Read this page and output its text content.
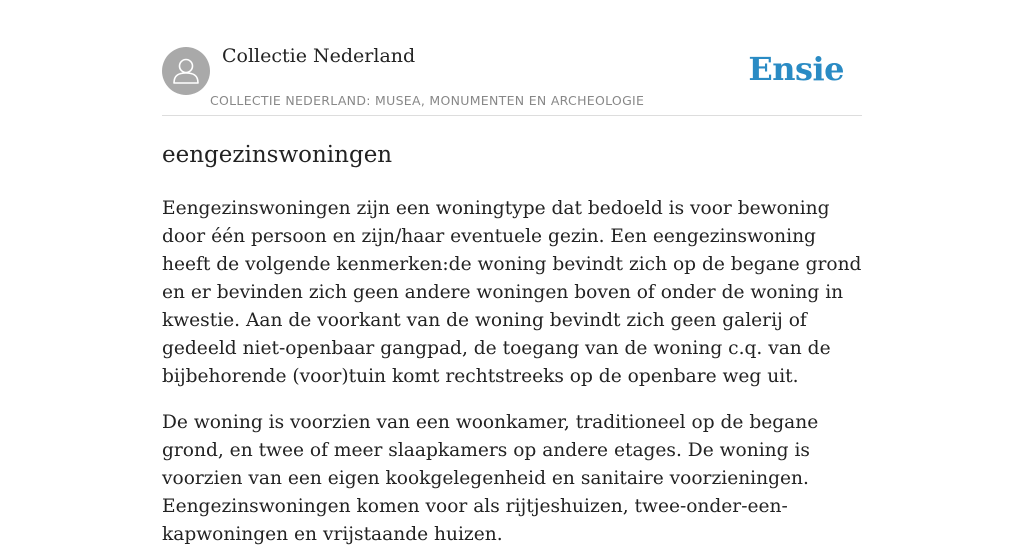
Collectie Nederland
COLLECTIE NEDERLAND: MUSEA, MONUMENTEN EN ARCHEOLOGIE
Ensie
eengezinswoningen

Eengezinswoningen zijn een woningtype dat bedoeld is voor bewoning door één persoon en zijn/haar eventuele gezin. Een eengezinswoning heeft de volgende kenmerken:de woning bevindt zich op de begane grond en er bevinden zich geen andere woningen boven of onder de woning in kwestie. Aan de voorkant van de woning bevindt zich geen galerij of gedeeld niet-openbaar gangpad, de toegang van de woning c.q. van de bijbehorende (voor)tuin komt rechtstreeks op de openbare weg uit.

De woning is voorzien van een woonkamer, traditioneel op de begane grond, en twee of meer slaapkamers op andere etages. De woning is voorzien van een eigen kookgelegenheid en sanitaire voorzieningen. Eengezinswoningen komen voor als rijtjeshuizen, twee-onder-een-kapwoningen en vrijstaande huizen.
